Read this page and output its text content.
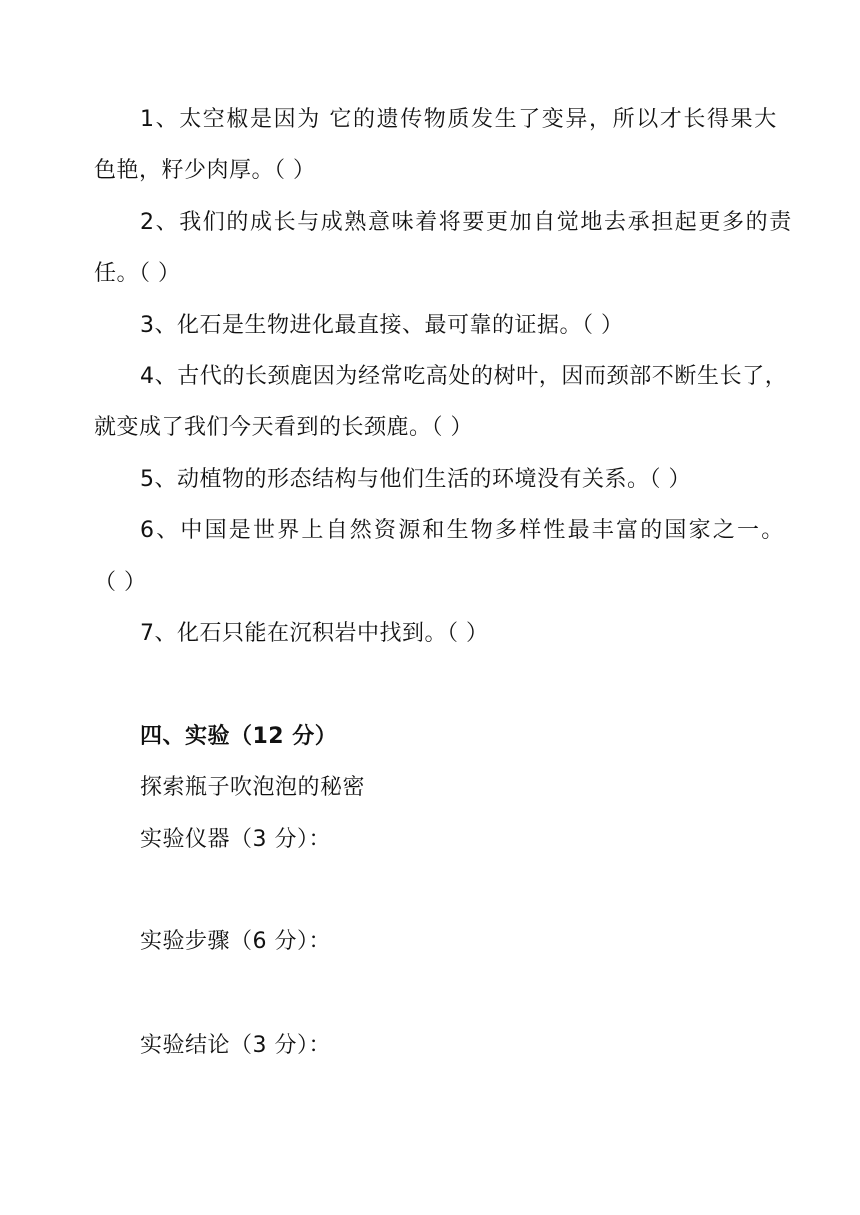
1、太空椒是因为 它的遗传物质发生了变异，所以才长得果大
色艳，籽少肉厚。（ ）
2、我们的成长与成熟意味着将要更加自觉地去承担起更多的责
任。（ ）
3、化石是生物进化最直接、最可靠的证据。（ ）
4、古代的长颈鹿因为经常吃高处的树叶，因而颈部不断生长了，
就变成了我们今天看到的长颈鹿。（ ）
5、动植物的形态结构与他们生活的环境没有关系。（ ）
6、中国是世界上自然资源和生物多样性最丰富的国家之一。
（ ）
7、化石只能在沉积岩中找到。（ ）
四、实验（12 分）
探索瓶子吹泡泡的秘密
实验仪器（3 分）：
实验步骤（6 分）：
实验结论（3 分）：
